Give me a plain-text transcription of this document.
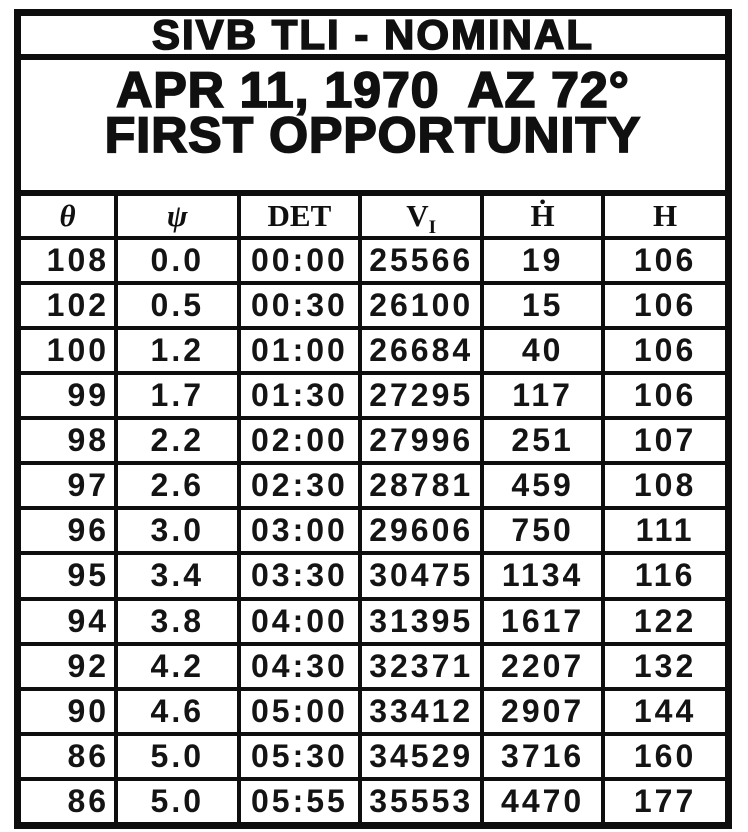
SIVB TLI - NOMINAL
APR 11, 1970  AZ 72°
FIRST OPPORTUNITY
θ	ψ	DET	$V_I$	Ḣ	H
108	0.0	00:00	25566	19	106
102	0.5	00:30	26100	15	106
100	1.2	01:00	26684	40	106
99	1.7	01:30	27295	117	106
98	2.2	02:00	27996	251	107
97	2.6	02:30	28781	459	108
96	3.0	03:00	29606	750	111
95	3.4	03:30	30475	1134	116
94	3.8	04:00	31395	1617	122
92	4.2	04:30	32371	2207	132
90	4.6	05:00	33412	2907	144
86	5.0	05:30	34529	3716	160
86	5.0	05:55	35553	4470	177
